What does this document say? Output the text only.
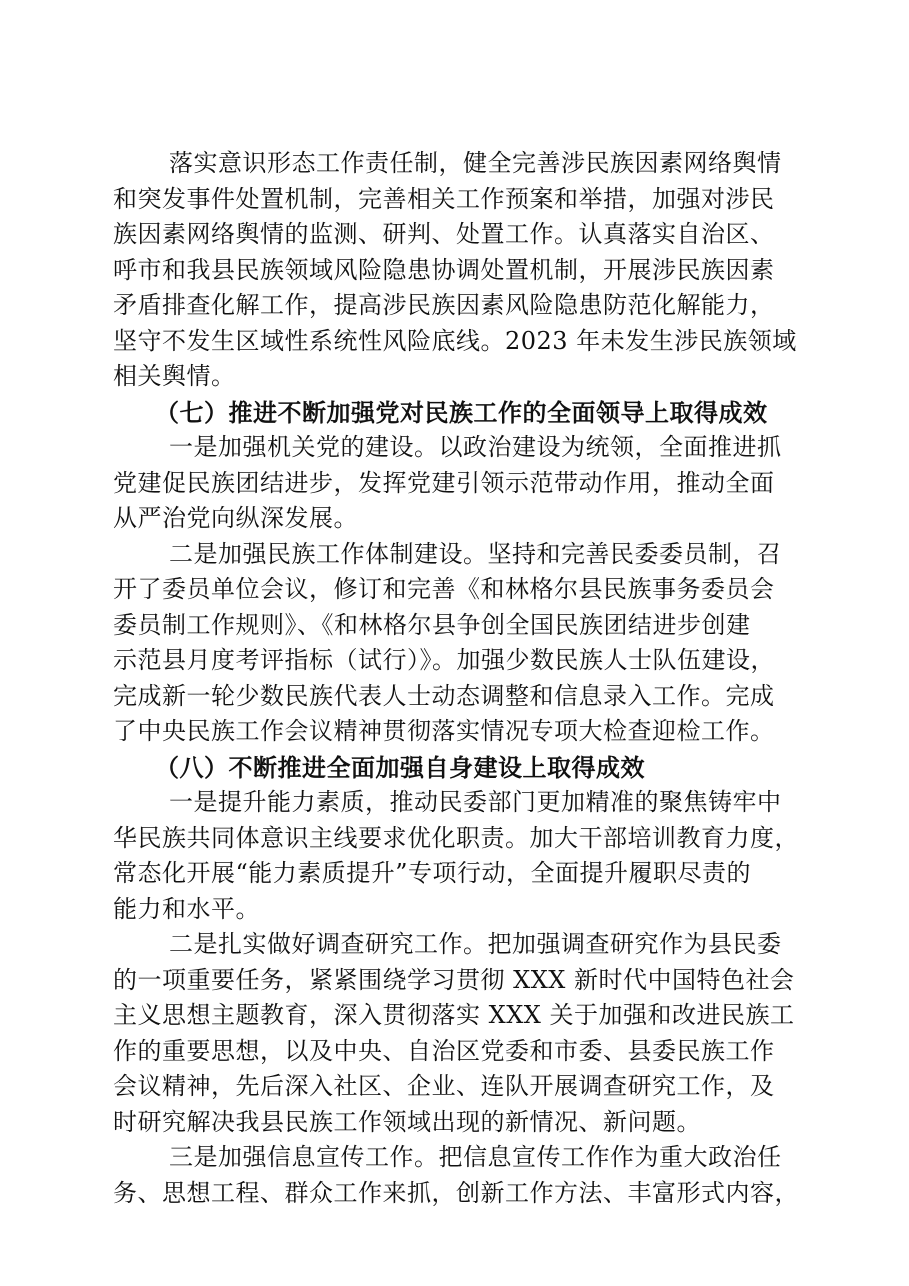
落实意识形态工作责任制，健全完善涉民族因素网络舆情
和突发事件处置机制，完善相关工作预案和举措，加强对涉民
族因素网络舆情的监测、研判、处置工作。认真落实自治区、
呼市和我县民族领域风险隐患协调处置机制，开展涉民族因素
矛盾排查化解工作，提高涉民族因素风险隐患防范化解能力，
坚守不发生区域性系统性风险底线。2023 年未发生涉民族领域
相关舆情。
（七）推进不断加强党对民族工作的全面领导上取得成效
一是加强机关党的建设。以政治建设为统领，全面推进抓
党建促民族团结进步，发挥党建引领示范带动作用，推动全面
从严治党向纵深发展。
二是加强民族工作体制建设。坚持和完善民委委员制，召
开了委员单位会议，修订和完善《和林格尔县民族事务委员会
委员制工作规则》、《和林格尔县争创全国民族团结进步创建
示范县月度考评指标（试行）》。加强少数民族人士队伍建设，
完成新一轮少数民族代表人士动态调整和信息录入工作。完成
了中央民族工作会议精神贯彻落实情况专项大检查迎检工作。
（八）不断推进全面加强自身建设上取得成效
一是提升能力素质，推动民委部门更加精准的聚焦铸牢中
华民族共同体意识主线要求优化职责。加大干部培训教育力度，
常态化开展“能力素质提升”专项行动，全面提升履职尽责的
能力和水平。
二是扎实做好调查研究工作。把加强调查研究作为县民委
的一项重要任务，紧紧围绕学习贯彻 XXX 新时代中国特色社会
主义思想主题教育，深入贯彻落实 XXX 关于加强和改进民族工
作的重要思想，以及中央、自治区党委和市委、县委民族工作
会议精神，先后深入社区、企业、连队开展调查研究工作，及
时研究解决我县民族工作领域出现的新情况、新问题。
三是加强信息宣传工作。把信息宣传工作作为重大政治任
务、思想工程、群众工作来抓，创新工作方法、丰富形式内容，
